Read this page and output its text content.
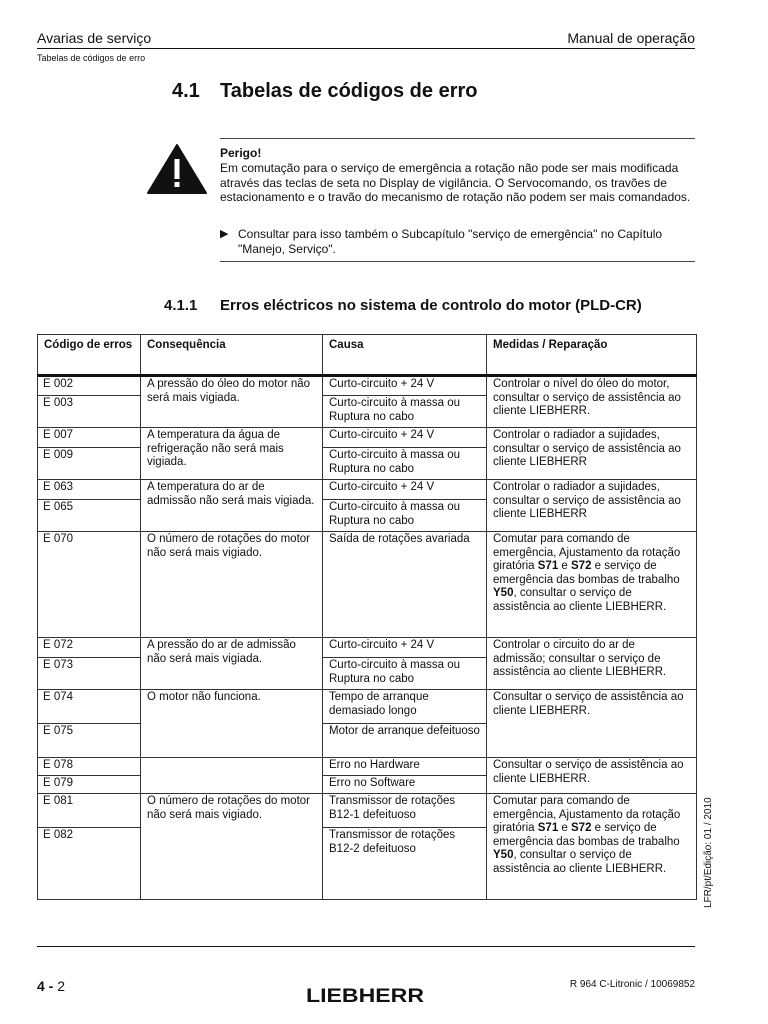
Avarias de serviço	Manual de operação
Tabelas de códigos de erro
4.1 Tabelas de códigos de erro
Perigo!
Em comutação para o serviço de emergência a rotação não pode ser mais modificada através das teclas de seta no Display de vigilância. O Servocomando, os travões de estacionamento e o travão do mecanismo de rotação não podem ser mais comandados.
▶ Consultar para isso também o Subcapítulo "serviço de emergência" no Capítulo "Manejo, Serviço".
4.1.1 Erros eléctricos no sistema de controlo do motor (PLD-CR)
Código de erros	Consequência	Causa	Medidas / Reparação
E 002	A pressão do óleo do motor não será mais vigiada.	Curto-circuito + 24 V	Controlar o nível do óleo do motor, consultar o serviço de assistência ao cliente LIEBHERR.
E 003		Curto-circuito à massa ou Ruptura no cabo	
E 007	A temperatura da água de refrigeração não será mais vigiada.	Curto-circuito + 24 V	Controlar o radiador a sujidades, consultar o serviço de assistência ao cliente LIEBHERR
E 009		Curto-circuito à massa ou Ruptura no cabo	
E 063	A temperatura do ar de admissão não será mais vigiada.	Curto-circuito + 24 V	Controlar o radiador a sujidades, consultar o serviço de assistência ao cliente LIEBHERR
E 065		Curto-circuito à massa ou Ruptura no cabo	
E 070	O número de rotações do motor não será mais vigiado.	Saída de rotações avariada	Comutar para comando de emergência, Ajustamento da rotação giratória S71 e S72 e serviço de emergência das bombas de trabalho Y50, consultar o serviço de assistência ao cliente LIEBHERR.
E 072	A pressão do ar de admissão não será mais vigiada.	Curto-circuito + 24 V	Controlar o circuito do ar de admissão; consultar o serviço de assistência ao cliente LIEBHERR.
E 073		Curto-circuito à massa ou Ruptura no cabo	
E 074	O motor não funciona.	Tempo de arranque demasiado longo	Consultar o serviço de assistência ao cliente LIEBHERR.
E 075		Motor de arranque defeituoso	
E 078		Erro no Hardware	Consultar o serviço de assistência ao cliente LIEBHERR.
E 079		Erro no Software	
E 081	O número de rotações do motor não será mais vigiado.	Transmissor de rotações B12-1 defeituoso	Comutar para comando de emergência, Ajustamento da rotação giratória S71 e S72 e serviço de emergência das bombas de trabalho Y50, consultar o serviço de assistência ao cliente LIEBHERR.
E 082		Transmissor de rotações B12-2 defeituoso		LFR/pt/Edição: 01 / 2010
4 - 2	LIEBHERR
R 964 C-Litronic / 10069852
